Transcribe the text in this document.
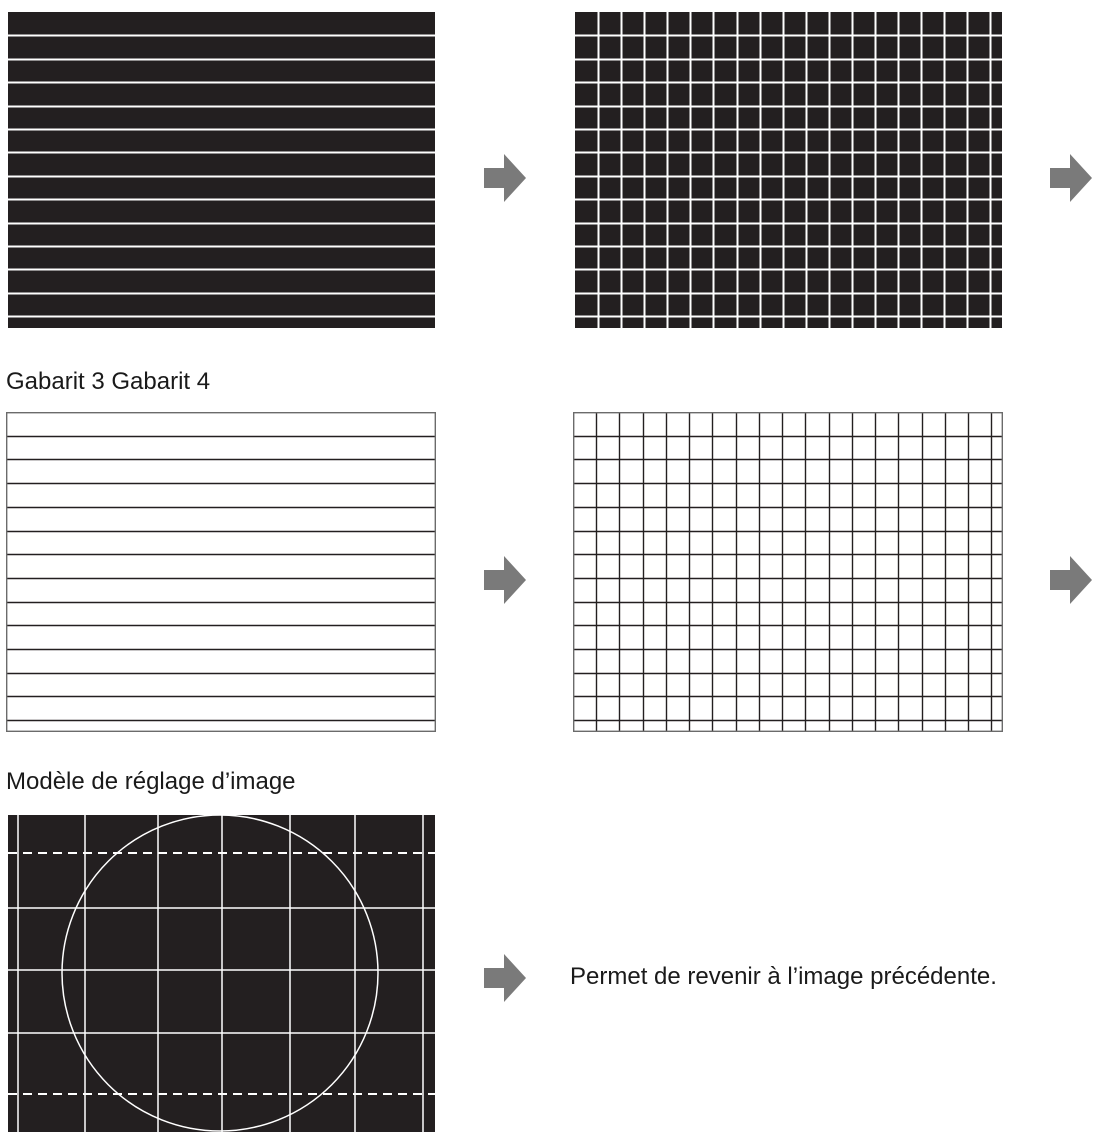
Gabarit 3 Gabarit 4
Modèle de réglage d’image
Permet de revenir à l’image précédente.
